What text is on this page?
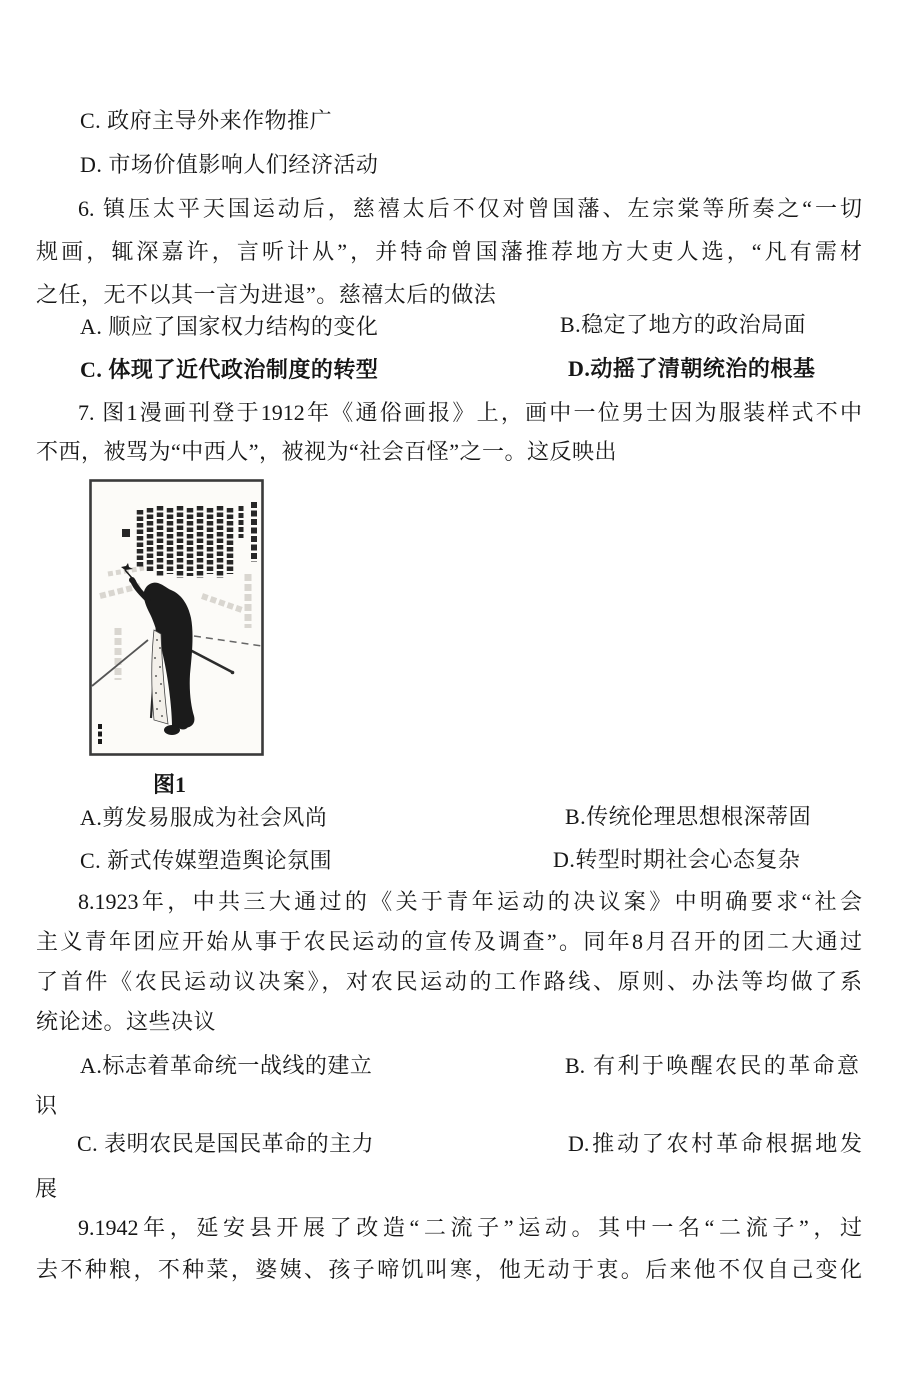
C. 政府主导外来作物推广
D. 市场价值影响人们经济活动
6. 镇压太平天国运动后，慈禧太后不仅对曾国藩、左宗棠等所奏之“一切
规画，辄深嘉许，言听计从”，并特命曾国藩推荐地方大吏人选，“凡有需材
之任，无不以其一言为进退”。慈禧太后的做法
A. 顺应了国家权力结构的变化	B.稳定了地方的政治局面
C. 体现了近代政治制度的转型	D.动摇了清朝统治的根基
7. 图1漫画刊登于1912年《通俗画报》上，画中一位男士因为服装样式不中
不西，被骂为“中西人”，被视为“社会百怪”之一。这反映出
图1
A.剪发易服成为社会风尚	B.传统伦理思想根深蒂固
C. 新式传媒塑造舆论氛围	D.转型时期社会心态复杂
8.1923年，中共三大通过的《关于青年运动的决议案》中明确要求“社会
主义青年团应开始从事于农民运动的宣传及调查”。同年8月召开的团二大通过
了首件《农民运动议决案》，对农民运动的工作路线、原则、办法等均做了系
统论述。这些决议
A.标志着革命统一战线的建立	B. 有利于唤醒农民的革命意
识
C. 表明农民是国民革命的主力	D.推动了农村革命根据地发
展
9.1942年，延安县开展了改造“二流子”运动。其中一名“二流子”，过
去不种粮，不种菜，婆姨、孩子啼饥叫寒，他无动于衷。后来他不仅自己变化
